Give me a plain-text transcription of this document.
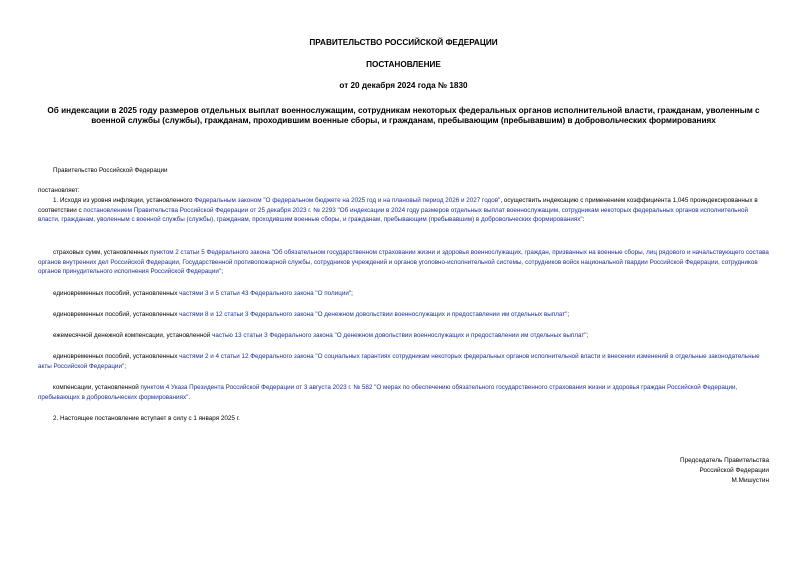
ПРАВИТЕЛЬСТВО РОССИЙСКОЙ ФЕДЕРАЦИИ
ПОСТАНОВЛЕНИЕ
от 20 декабря 2024 года № 1830
Об индексации в 2025 году размеров отдельных выплат военнослужащим, сотрудникам некоторых федеральных органов исполнительной власти, гражданам, уволенным с военной службы (службы), гражданам, проходившим военные сборы, и гражданам, пребывающим (пребывавшим) в добровольческих формированиях
Правительство Российской Федерации
постановляет:
1. Исходя из уровня инфляции, установленного Федеральным законом "О федеральном бюджете на 2025 год и на плановый период 2026 и 2027 годов", осуществить индексацию с применением коэффициента 1,045 проиндексированных в соответствии с постановлением Правительства Российской Федерации от 25 декабря 2023 г. № 2293 "Об индексации в 2024 году размеров отдельных выплат военнослужащим, сотрудникам некоторых федеральных органов исполнительной власти, гражданам, уволенным с военной службы (службы), гражданам, проходившим военные сборы, и гражданам, пребывающим (пребывавшим) в добровольческих формированиях":
страховых сумм, установленных пунктом 2 статьи 5 Федерального закона "Об обязательном государственном страховании жизни и здоровья военнослужащих, граждан, призванных на военные сборы, лиц рядового и начальствующего состава органов внутренних дел Российской Федерации, Государственной противопожарной службы, сотрудников учреждений и органов уголовно-исполнительной системы, сотрудников войск национальной гвардии Российской Федерации, сотрудников органов принудительного исполнения Российской Федерации";
единовременных пособий, установленных частями 3 и 5 статьи 43 Федерального закона "О полиции";
единовременных пособий, установленных частями 8 и 12 статьи 3 Федерального закона "О денежном довольствии военнослужащих и предоставлении им отдельных выплат";
ежемесячной денежной компенсации, установленной частью 13 статьи 3 Федерального закона "О денежном довольствии военнослужащих и предоставлении им отдельных выплат";
единовременных пособий, установленных частями 2 и 4 статьи 12 Федерального закона "О социальных гарантиях сотрудникам некоторых федеральных органов исполнительной власти и внесении изменений в отдельные законодательные акты Российской Федерации";
компенсации, установленной пунктом 4 Указа Президента Российской Федерации от 3 августа 2023 г. № 582 "О мерах по обеспечению обязательного государственного страхования жизни и здоровья граждан Российской Федерации, пребывающих в добровольческих формированиях".
2. Настоящее постановление вступает в силу с 1 января 2025 г.
Председатель Правительства
Российской Федерации
М.Мишустин
